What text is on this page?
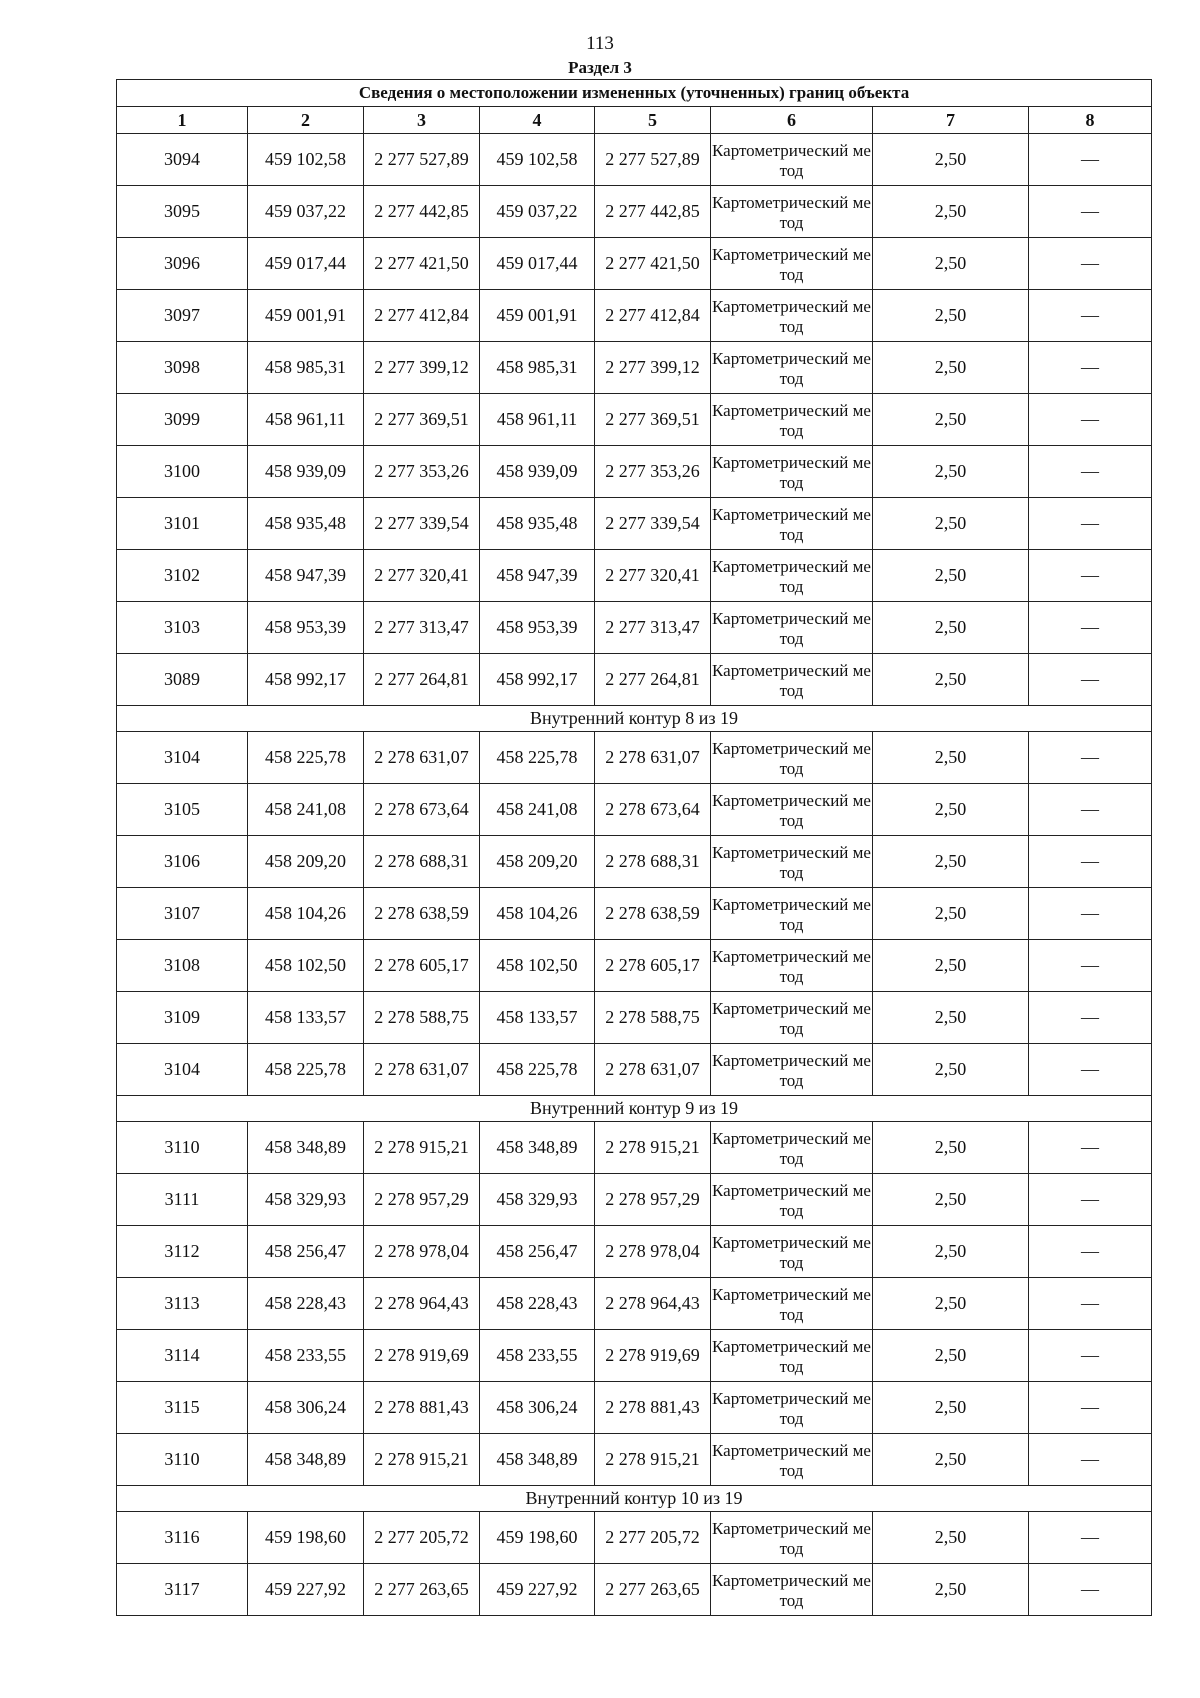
113
Раздел 3
Сведения о местоположении измененных (уточненных) границ объекта							
1	2	3	4	5	6	7	8
3094	459 102,58	2 277 527,89	459 102,58	2 277 527,89	Картометрический метод	2,50	—
3095	459 037,22	2 277 442,85	459 037,22	2 277 442,85	Картометрический метод	2,50	—
3096	459 017,44	2 277 421,50	459 017,44	2 277 421,50	Картометрический метод	2,50	—
3097	459 001,91	2 277 412,84	459 001,91	2 277 412,84	Картометрический метод	2,50	—
3098	458 985,31	2 277 399,12	458 985,31	2 277 399,12	Картометрический метод	2,50	—
3099	458 961,11	2 277 369,51	458 961,11	2 277 369,51	Картометрический метод	2,50	—
3100	458 939,09	2 277 353,26	458 939,09	2 277 353,26	Картометрический метод	2,50	—
3101	458 935,48	2 277 339,54	458 935,48	2 277 339,54	Картометрический метод	2,50	—
3102	458 947,39	2 277 320,41	458 947,39	2 277 320,41	Картометрический метод	2,50	—
3103	458 953,39	2 277 313,47	458 953,39	2 277 313,47	Картометрический метод	2,50	—
3089	458 992,17	2 277 264,81	458 992,17	2 277 264,81	Картометрический метод	2,50	—
Внутренний контур 8 из 19							
3104	458 225,78	2 278 631,07	458 225,78	2 278 631,07	Картометрический метод	2,50	—
3105	458 241,08	2 278 673,64	458 241,08	2 278 673,64	Картометрический метод	2,50	—
3106	458 209,20	2 278 688,31	458 209,20	2 278 688,31	Картометрический метод	2,50	—
3107	458 104,26	2 278 638,59	458 104,26	2 278 638,59	Картометрический метод	2,50	—
3108	458 102,50	2 278 605,17	458 102,50	2 278 605,17	Картометрический метод	2,50	—
3109	458 133,57	2 278 588,75	458 133,57	2 278 588,75	Картометрический метод	2,50	—
3104	458 225,78	2 278 631,07	458 225,78	2 278 631,07	Картометрический метод	2,50	—
Внутренний контур 9 из 19							
3110	458 348,89	2 278 915,21	458 348,89	2 278 915,21	Картометрический метод	2,50	—
3111	458 329,93	2 278 957,29	458 329,93	2 278 957,29	Картометрический метод	2,50	—
3112	458 256,47	2 278 978,04	458 256,47	2 278 978,04	Картометрический метод	2,50	—
3113	458 228,43	2 278 964,43	458 228,43	2 278 964,43	Картометрический метод	2,50	—
3114	458 233,55	2 278 919,69	458 233,55	2 278 919,69	Картометрический метод	2,50	—
3115	458 306,24	2 278 881,43	458 306,24	2 278 881,43	Картометрический метод	2,50	—
3110	458 348,89	2 278 915,21	458 348,89	2 278 915,21	Картометрический метод	2,50	—
Внутренний контур 10 из 19							
3116	459 198,60	2 277 205,72	459 198,60	2 277 205,72	Картометрический метод	2,50	—
3117	459 227,92	2 277 263,65	459 227,92	2 277 263,65	Картометрический метод	2,50	—
